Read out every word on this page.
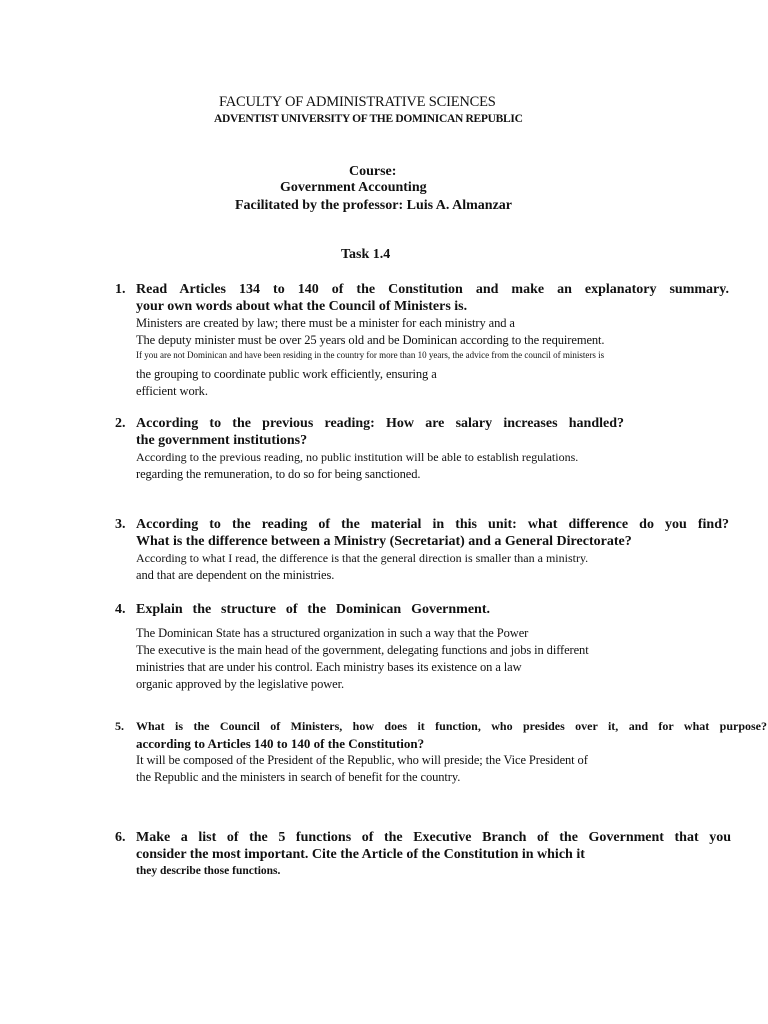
FACULTY OF ADMINISTRATIVE SCIENCES
ADVENTIST UNIVERSITY OF THE DOMINICAN REPUBLIC
Course:
Government Accounting
Facilitated by the professor: Luis A. Almanzar
Task 1.4
1. Read Articles 134 to 140 of the Constitution and make an explanatory summary.
your own words about what the Council of Ministers is.
Ministers are created by law; there must be a minister for each ministry and a
The deputy minister must be over 25 years old and be Dominican according to the requirement.
If you are not Dominican and have been residing in the country for more than 10 years, the advice from the council of ministers is
the grouping to coordinate public work efficiently, ensuring a
efficient work.
2. According to the previous reading: How are salary increases handled?
the government institutions?
According to the previous reading, no public institution will be able to establish regulations.
regarding the remuneration, to do so for being sanctioned.
3. According to the reading of the material in this unit: what difference do you find?
What is the difference between a Ministry (Secretariat) and a General Directorate?
According to what I read, the difference is that the general direction is smaller than a ministry.
and that are dependent on the ministries.
4. Explain the structure of the Dominican Government.
The Dominican State has a structured organization in such a way that the Power
The executive is the main head of the government, delegating functions and jobs in different
ministries that are under his control. Each ministry bases its existence on a law
organic approved by the legislative power.
5.	What is the Council of Ministers, how does it function, who presides over it, and for what purpose?
according to Articles 140 to 140 of the Constitution?
It will be composed of the President of the Republic, who will preside; the Vice President of
the Republic and the ministers in search of benefit for the country.
6. Make a list of the 5 functions of the Executive Branch of the Government that you
consider the most important. Cite the Article of the Constitution in which it
they describe those functions.
